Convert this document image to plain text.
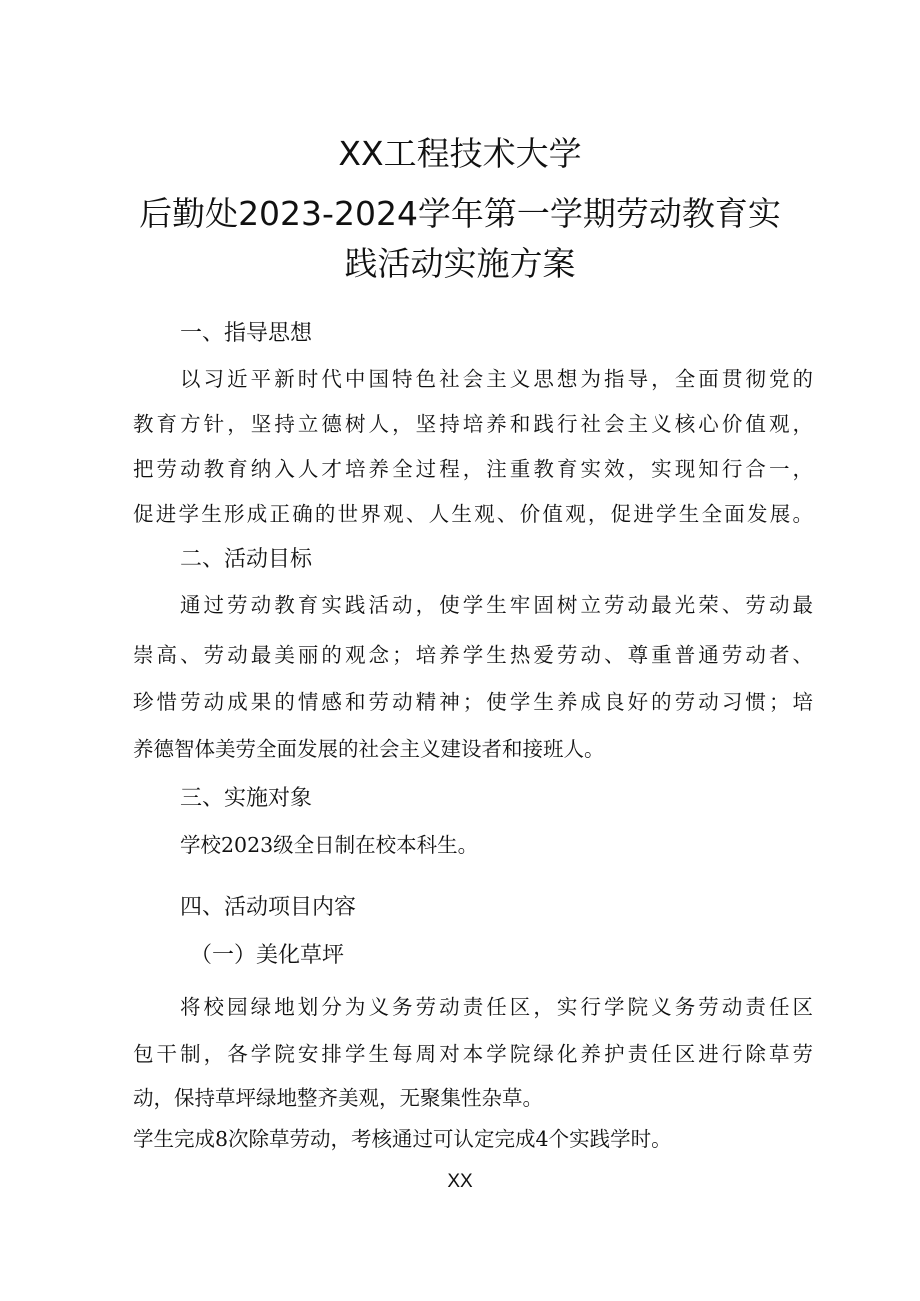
XX工程技术大学
后勤处2023-2024学年第一学期劳动教育实
践活动实施方案
一、指导思想
以习近平新时代中国特色社会主义思想为指导，全面贯彻党的
教育方针，坚持立德树人，坚持培养和践行社会主义核心价值观，
把劳动教育纳入人才培养全过程，注重教育实效，实现知行合一，
促进学生形成正确的世界观、人生观、价值观，促进学生全面发展。
二、活动目标
通过劳动教育实践活动，使学生牢固树立劳动最光荣、劳动最
崇高、劳动最美丽的观念；培养学生热爱劳动、尊重普通劳动者、
珍惜劳动成果的情感和劳动精神；使学生养成良好的劳动习惯；培
养德智体美劳全面发展的社会主义建设者和接班人。
三、实施对象
学校2023级全日制在校本科生。
四、活动项目内容
（一）美化草坪
将校园绿地划分为义务劳动责任区，实行学院义务劳动责任区
包干制，各学院安排学生每周对本学院绿化养护责任区进行除草劳
动，保持草坪绿地整齐美观，无聚集性杂草。
学生完成8次除草劳动，考核通过可认定完成4个实践学时。
XX
